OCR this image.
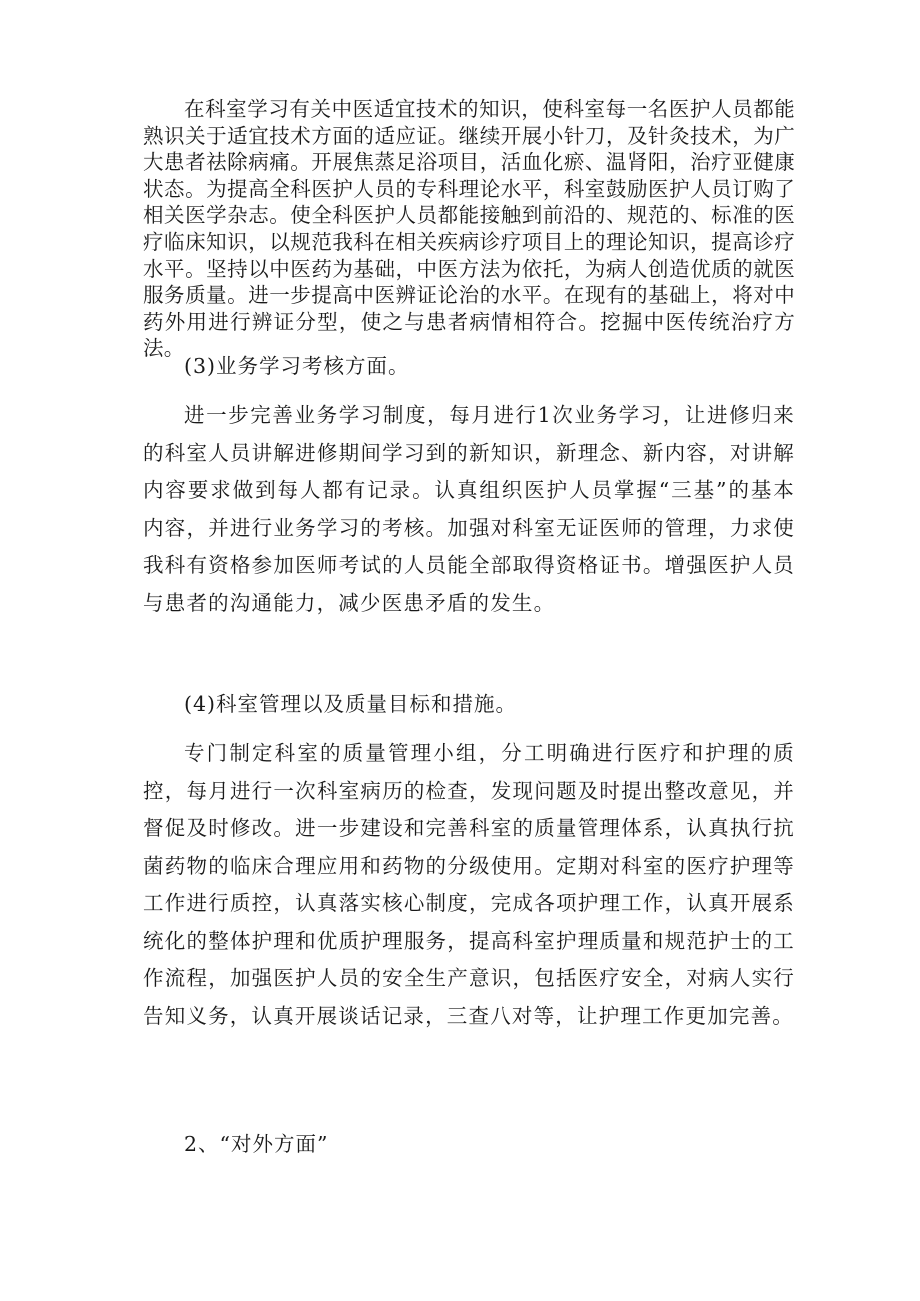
在科室学习有关中医适宜技术的知识，使科室每一名医护人员都能熟识关于适宜技术方面的适应证。继续开展小针刀，及针灸技术，为广大患者祛除病痛。开展焦蒸足浴项目，活血化瘀、温肾阳，治疗亚健康状态。为提高全科医护人员的专科理论水平，科室鼓励医护人员订购了相关医学杂志。使全科医护人员都能接触到前沿的、规范的、标准的医疗临床知识，以规范我科在相关疾病诊疗项目上的理论知识，提高诊疗水平。坚持以中医药为基础，中医方法为依托，为病人创造优质的就医服务质量。进一步提高中医辨证论治的水平。在现有的基础上，将对中药外用进行辨证分型，使之与患者病情相符合。挖掘中医传统治疗方法。

(3)业务学习考核方面。

进一步完善业务学习制度，每月进行1次业务学习，让进修归来的科室人员讲解进修期间学习到的新知识，新理念、新内容，对讲解内容要求做到每人都有记录。认真组织医护人员掌握“三基”的基本内容，并进行业务学习的考核。加强对科室无证医师的管理，力求使我科有资格参加医师考试的人员能全部取得资格证书。增强医护人员与患者的沟通能力，减少医患矛盾的发生。

(4)科室管理以及质量目标和措施。

专门制定科室的质量管理小组，分工明确进行医疗和护理的质控，每月进行一次科室病历的检查，发现问题及时提出整改意见，并督促及时修改。进一步建设和完善科室的质量管理体系，认真执行抗菌药物的临床合理应用和药物的分级使用。定期对科室的医疗护理等工作进行质控，认真落实核心制度，完成各项护理工作，认真开展系统化的整体护理和优质护理服务，提高科室护理质量和规范护士的工作流程，加强医护人员的安全生产意识，包括医疗安全，对病人实行告知义务，认真开展谈话记录，三查八对等，让护理工作更加完善。

2、“对外方面”
